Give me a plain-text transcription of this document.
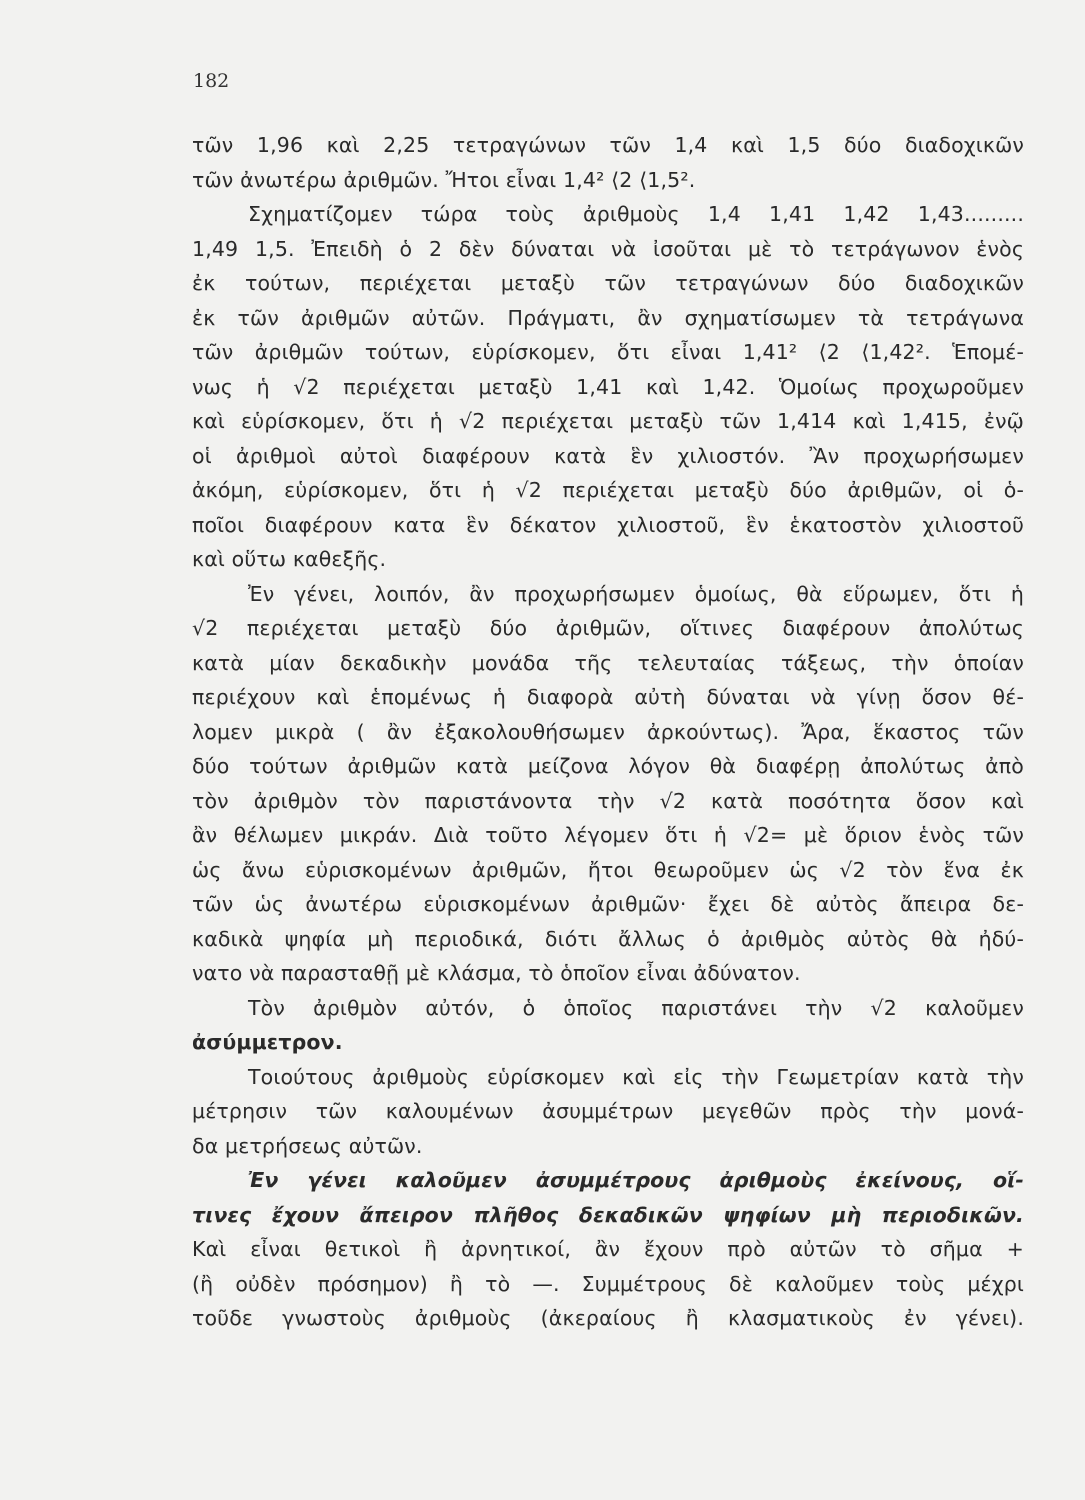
182
τῶν 1,96 καὶ 2,25 τετραγώνων τῶν 1,4 καὶ 1,5 δύο διαδοχικῶν
τῶν ἀνωτέρω ἀριθμῶν. Ἤτοι εἶναι 1,4² ⟨2 ⟨1,5².
Σχηματίζομεν τώρα τοὺς ἀριθμοὺς 1,4 1,41 1,42 1,43.........
1,49 1,5. Ἐπειδὴ ὁ 2 δὲν δύναται νὰ ἰσοῦται μὲ τὸ τετράγωνον ἑνὸς
ἐκ τούτων, περιέχεται μεταξὺ τῶν τετραγώνων δύο διαδοχικῶν
ἐκ τῶν ἀριθμῶν αὐτῶν. Πράγματι, ἂν σχηματίσωμεν τὰ τετράγωνα
τῶν ἀριθμῶν τούτων, εὑρίσκομεν, ὅτι εἶναι 1,41² ⟨2 ⟨1,42². Ἑπομέ-
νως ἡ √2 περιέχεται μεταξὺ 1,41 καὶ 1,42. Ὁμοίως προχωροῦμεν
καὶ εὑρίσκομεν, ὅτι ἡ √2 περιέχεται μεταξὺ τῶν 1,414 καὶ 1,415, ἐνῷ
οἱ ἀριθμοὶ αὐτοὶ διαφέρουν κατὰ ἓν χιλιοστόν. Ἂν προχωρήσωμεν
ἀκόμη, εὑρίσκομεν, ὅτι ἡ √2 περιέχεται μεταξὺ δύο ἀριθμῶν, οἱ ὁ-
ποῖοι διαφέρουν κατα ἓν δέκατον χιλιοστοῦ, ἓν ἑκατοστὸν χιλιοστοῦ
καὶ οὕτω καθεξῆς.
Ἐν γένει, λοιπόν, ἂν προχωρήσωμεν ὁμοίως, θὰ εὕρωμεν, ὅτι ἡ
√2 περιέχεται μεταξὺ δύο ἀριθμῶν, οἵτινες διαφέρουν ἀπολύτως
κατὰ μίαν δεκαδικὴν μονάδα τῆς τελευταίας τάξεως, τὴν ὁποίαν
περιέχουν καὶ ἑπομένως ἡ διαφορὰ αὐτὴ δύναται νὰ γίνῃ ὅσον θέ-
λομεν μικρὰ ( ἂν ἐξακολουθήσωμεν ἀρκούντως). Ἄρα, ἕκαστος τῶν
δύο τούτων ἀριθμῶν κατὰ μείζονα λόγον θὰ διαφέρῃ ἀπολύτως ἀπὸ
τὸν ἀριθμὸν τὸν παριστάνοντα τὴν √2 κατὰ ποσότητα ὅσον καὶ
ἂν θέλωμεν μικράν. Διὰ τοῦτο λέγομεν ὅτι ἡ √2= μὲ ὅριον ἑνὸς τῶν
ὡς ἄνω εὑρισκομένων ἀριθμῶν, ἤτοι θεωροῦμεν ὡς √2 τὸν ἕνα ἐκ
τῶν ὡς ἀνωτέρω εὑρισκομένων ἀριθμῶν· ἔχει δὲ αὐτὸς ἄπειρα δε-
καδικὰ ψηφία μὴ περιοδικά, διότι ἄλλως ὁ ἀριθμὸς αὐτὸς θὰ ἠδύ-
νατο νὰ παρασταθῇ μὲ κλάσμα, τὸ ὁποῖον εἶναι ἀδύνατον.
Τὸν ἀριθμὸν αὐτόν, ὁ ὁποῖος παριστάνει τὴν √2 καλοῦμεν
ἀσύμμετρον.
Τοιούτους ἀριθμοὺς εὑρίσκομεν καὶ εἰς τὴν Γεωμετρίαν κατὰ τὴν
μέτρησιν τῶν καλουμένων ἀσυμμέτρων μεγεθῶν πρὸς τὴν μονά-
δα μετρήσεως αὐτῶν.
Ἐν γένει καλοῦμεν ἀσυμμέτρους ἀριθμοὺς ἐκείνους, οἵ-
τινες ἔχουν ἄπειρον πλῆθος δεκαδικῶν ψηφίων μὴ περιοδικῶν.
Καὶ εἶναι θετικοὶ ἢ ἀρνητικοί, ἂν ἔχουν πρὸ αὐτῶν τὸ σῆμα +
(ἢ οὐδὲν πρόσημον) ἢ τὸ —. Συμμέτρους δὲ καλοῦμεν τοὺς μέχρι
τοῦδε γνωστοὺς ἀριθμοὺς (ἀκεραίους ἢ κλασματικοὺς ἐν γένει).
